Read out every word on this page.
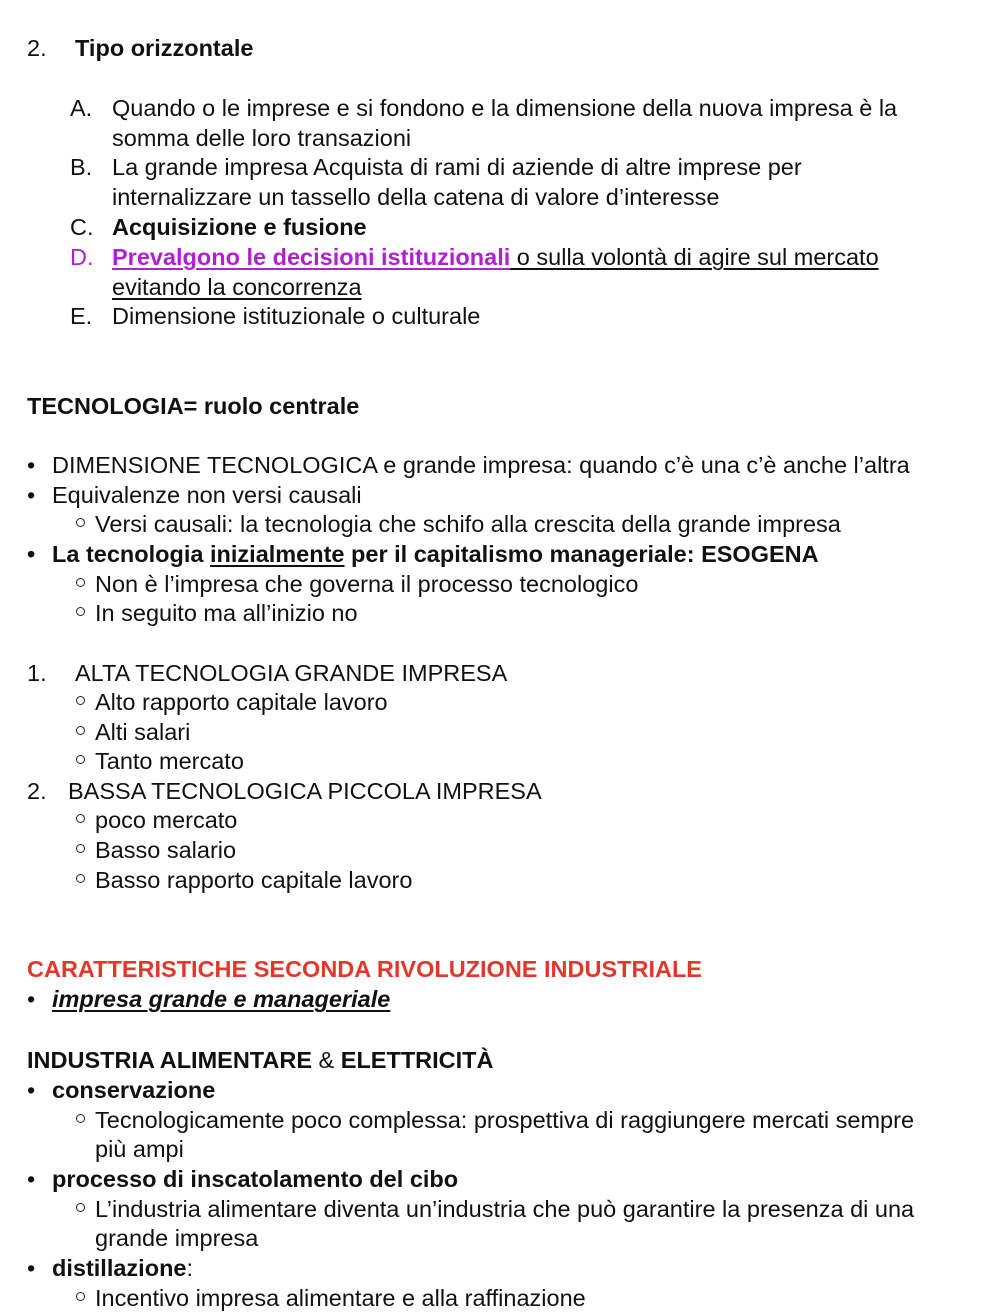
2. Tipo orizzontale
A. Quando o le imprese e si fondono e la dimensione della nuova impresa è la
somma delle loro transazioni
B. La grande impresa Acquista di rami di aziende di altre imprese per
internalizzare un tassello della catena di valore d’interesse
C. Acquisizione e fusione
D. Prevalgono le decisioni istituzionali o sulla volontà di agire sul mercato
evitando la concorrenza
E. Dimensione istituzionale o culturale
TECNOLOGIA= ruolo centrale
• DIMENSIONE TECNOLOGICA e grande impresa: quando c’è una c’è anche l’altra
• Equivalenze non versi causali
Versi causali: la tecnologia che schifo alla crescita della grande impresa
• La tecnologia inizialmente per il capitalismo manageriale: ESOGENA
Non è l’impresa che governa il processo tecnologico
In seguito ma all’inizio no
1. ALTA TECNOLOGIA GRANDE IMPRESA
Alto rapporto capitale lavoro
Alti salari
Tanto mercato
2. BASSA TECNOLOGICA PICCOLA IMPRESA
poco mercato
Basso salario
Basso rapporto capitale lavoro
CARATTERISTICHE SECONDA RIVOLUZIONE INDUSTRIALE
• impresa grande e manageriale
INDUSTRIA ALIMENTARE & ELETTRICITÀ
• conservazione
Tecnologicamente poco complessa: prospettiva di raggiungere mercati sempre
più ampi
• processo di inscatolamento del cibo
L’industria alimentare diventa un’industria che può garantire la presenza di una
grande impresa
• distillazione:
Incentivo impresa alimentare e alla raffinazione
